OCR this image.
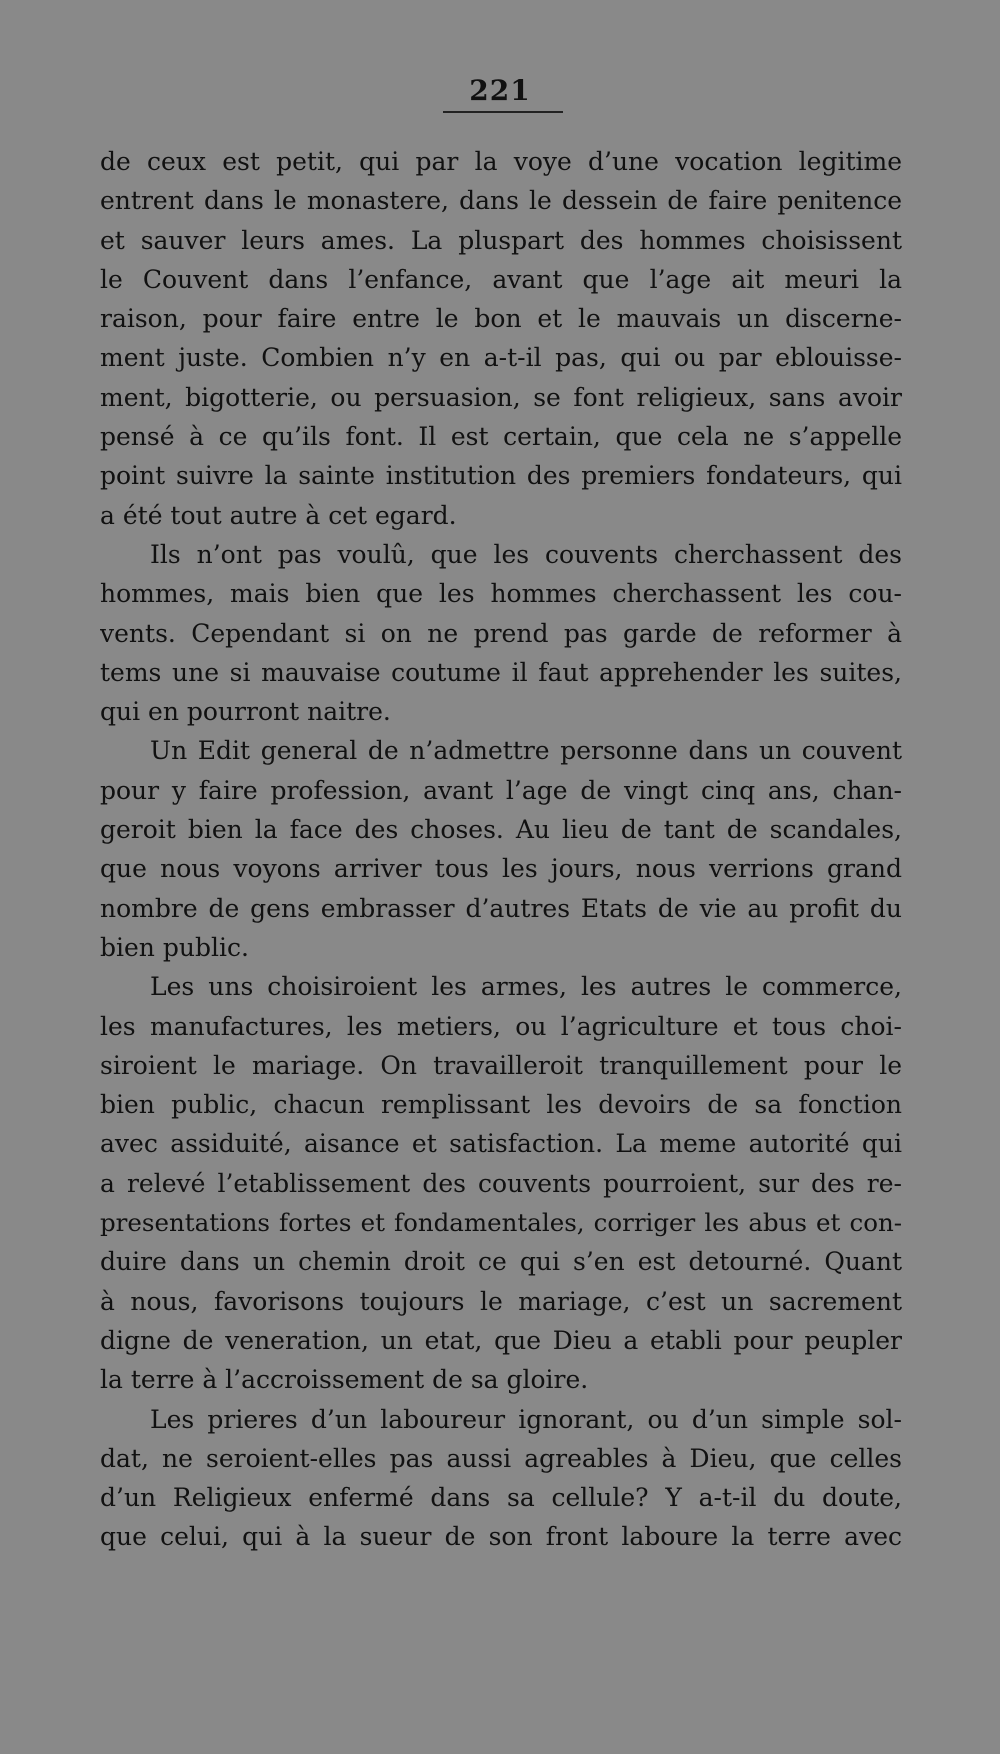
221
de ceux est petit, qui par la voye d’une vocation legitime
entrent dans le monastere, dans le dessein de faire penitence
et sauver leurs ames. La pluspart des hommes choisissent
le Couvent dans l’enfance, avant que l’age ait meuri la
raison, pour faire entre le bon et le mauvais un discerne-
ment juste. Combien n’y en a-t-il pas, qui ou par eblouisse-
ment, bigotterie, ou persuasion, se font religieux, sans avoir
pensé à ce qu’ils font. Il est certain, que cela ne s’appelle
point suivre la sainte institution des premiers fondateurs, qui
a été tout autre à cet egard.
Ils n’ont pas voulû, que les couvents cherchassent des
hommes, mais bien que les hommes cherchassent les cou-
vents. Cependant si on ne prend pas garde de reformer à
tems une si mauvaise coutume il faut apprehender les suites,
qui en pourront naitre.
Un Edit general de n’admettre personne dans un couvent
pour y faire profession, avant l’age de vingt cinq ans, chan-
geroit bien la face des choses. Au lieu de tant de scandales,
que nous voyons arriver tous les jours, nous verrions grand
nombre de gens embrasser d’autres Etats de vie au profit du
bien public.
Les uns choisiroient les armes, les autres le commerce,
les manufactures, les metiers, ou l’agriculture et tous choi-
siroient le mariage. On travailleroit tranquillement pour le
bien public, chacun remplissant les devoirs de sa fonction
avec assiduité, aisance et satisfaction. La meme autorité qui
a relevé l’etablissement des couvents pourroient, sur des re-
presentations fortes et fondamentales, corriger les abus et con-
duire dans un chemin droit ce qui s’en est detourné. Quant
à nous, favorisons toujours le mariage, c’est un sacrement
digne de veneration, un etat, que Dieu a etabli pour peupler
la terre à l’accroissement de sa gloire.
Les prieres d’un laboureur ignorant, ou d’un simple sol-
dat, ne seroient-elles pas aussi agreables à Dieu, que celles
d’un Religieux enfermé dans sa cellule? Y a-t-il du doute,
que celui, qui à la sueur de son front laboure la terre avec
